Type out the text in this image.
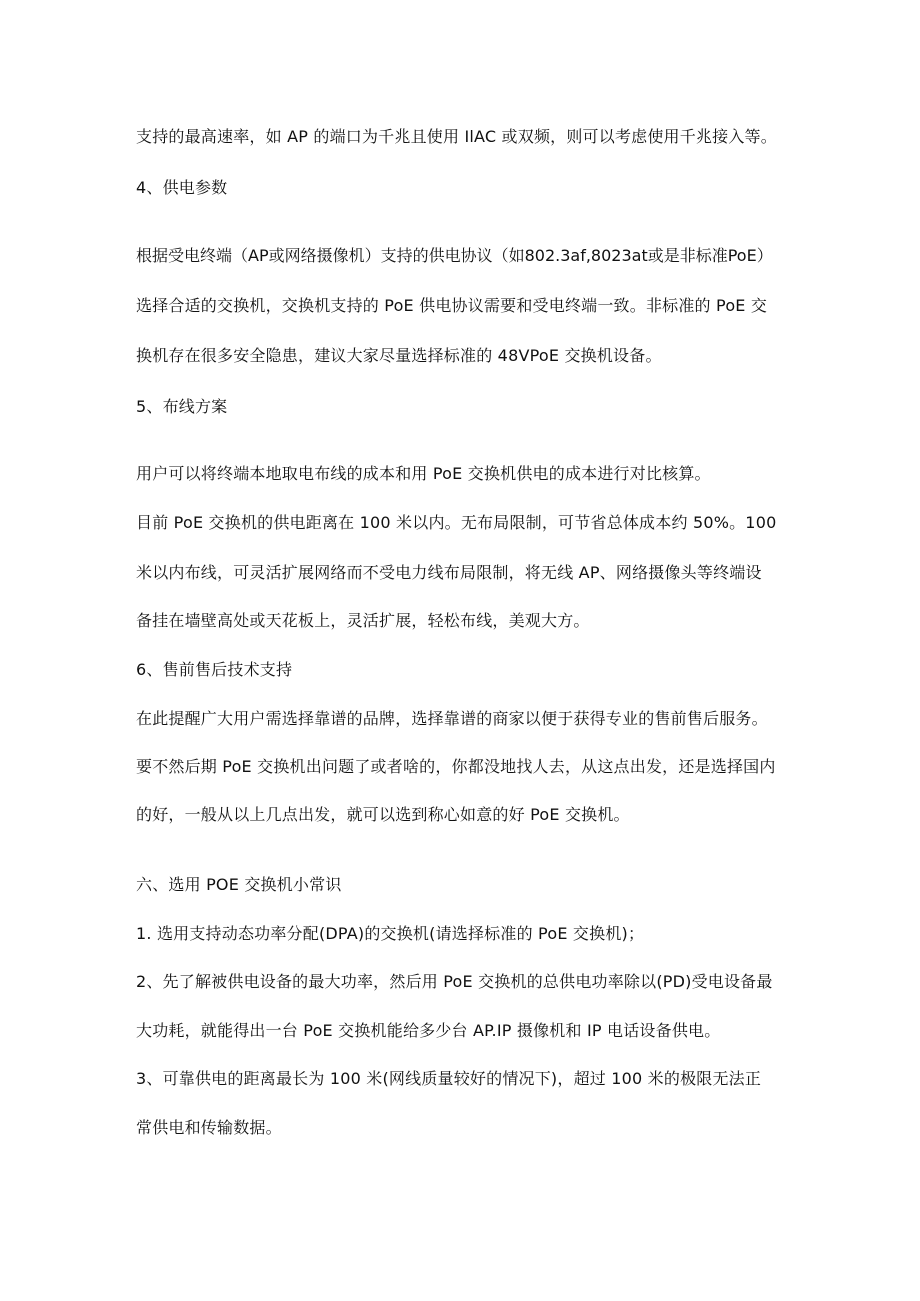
支持的最高速率，如 AP 的端口为千兆且使用 IlAC 或双频，则可以考虑使用千兆接入等。
4、供电参数
根据受电终端（AP或网络摄像机）支持的供电协议（如802.3af,8023at或是非标准PoE）
选择合适的交换机，交换机支持的 PoE 供电协议需要和受电终端一致。非标准的 PoE 交
换机存在很多安全隐患，建议大家尽量选择标准的 48VPoE 交换机设备。
5、布线方案
用户可以将终端本地取电布线的成本和用 PoE 交换机供电的成本进行对比核算。
目前 PoE 交换机的供电距离在 100 米以内。无布局限制，可节省总体成本约 50%。100
米以内布线，可灵活扩展网络而不受电力线布局限制，将无线 AP、网络摄像头等终端设
备挂在墙壁高处或天花板上，灵活扩展，轻松布线，美观大方。
6、售前售后技术支持
在此提醒广大用户需选择靠谱的品牌，选择靠谱的商家以便于获得专业的售前售后服务。
要不然后期 PoE 交换机出问题了或者啥的，你都没地找人去，从这点出发，还是选择国内
的好，一般从以上几点出发，就可以选到称心如意的好 PoE 交换机。
六、选用 POE 交换机小常识
1. 选用支持动态功率分配(DPA)的交换机(请选择标准的 PoE 交换机)；
2、先了解被供电设备的最大功率，然后用 PoE 交换机的总供电功率除以(PD)受电设备最
大功耗，就能得出一台 PoE 交换机能给多少台 AP.IP 摄像机和 IP 电话设备供电。
3、可靠供电的距离最长为 100 米(网线质量较好的情况下)，超过 100 米的极限无法正
常供电和传输数据。
